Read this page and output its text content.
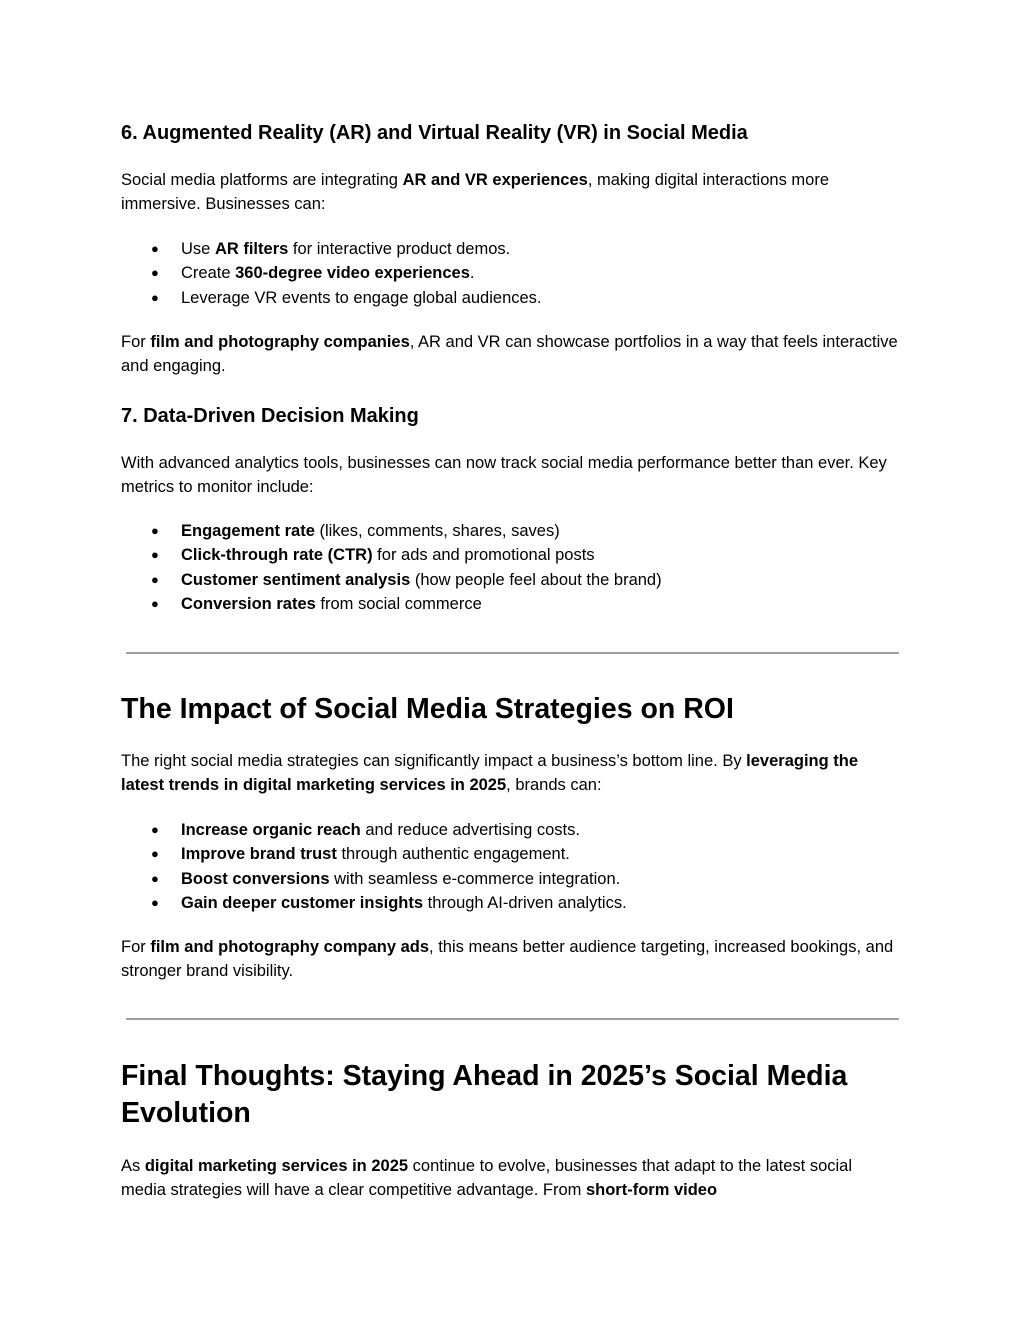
6. Augmented Reality (AR) and Virtual Reality (VR) in Social Media

Social media platforms are integrating AR and VR experiences, making digital interactions more immersive. Businesses can:

● Use AR filters for interactive product demos.
● Create 360-degree video experiences.
● Leverage VR events to engage global audiences.

For film and photography companies, AR and VR can showcase portfolios in a way that feels interactive and engaging.

7. Data-Driven Decision Making

With advanced analytics tools, businesses can now track social media performance better than ever. Key metrics to monitor include:

● Engagement rate (likes, comments, shares, saves)
● Click-through rate (CTR) for ads and promotional posts
● Customer sentiment analysis (how people feel about the brand)
● Conversion rates from social commerce
The Impact of Social Media Strategies on ROI

The right social media strategies can significantly impact a business’s bottom line. By leveraging the latest trends in digital marketing services in 2025, brands can:

● Increase organic reach and reduce advertising costs.
● Improve brand trust through authentic engagement.
● Boost conversions with seamless e-commerce integration.
● Gain deeper customer insights through AI-driven analytics.

For film and photography company ads, this means better audience targeting, increased bookings, and stronger brand visibility.

Final Thoughts: Staying Ahead in 2025’s Social Media Evolution

As digital marketing services in 2025 continue to evolve, businesses that adapt to the latest social media strategies will have a clear competitive advantage. From short-form video
